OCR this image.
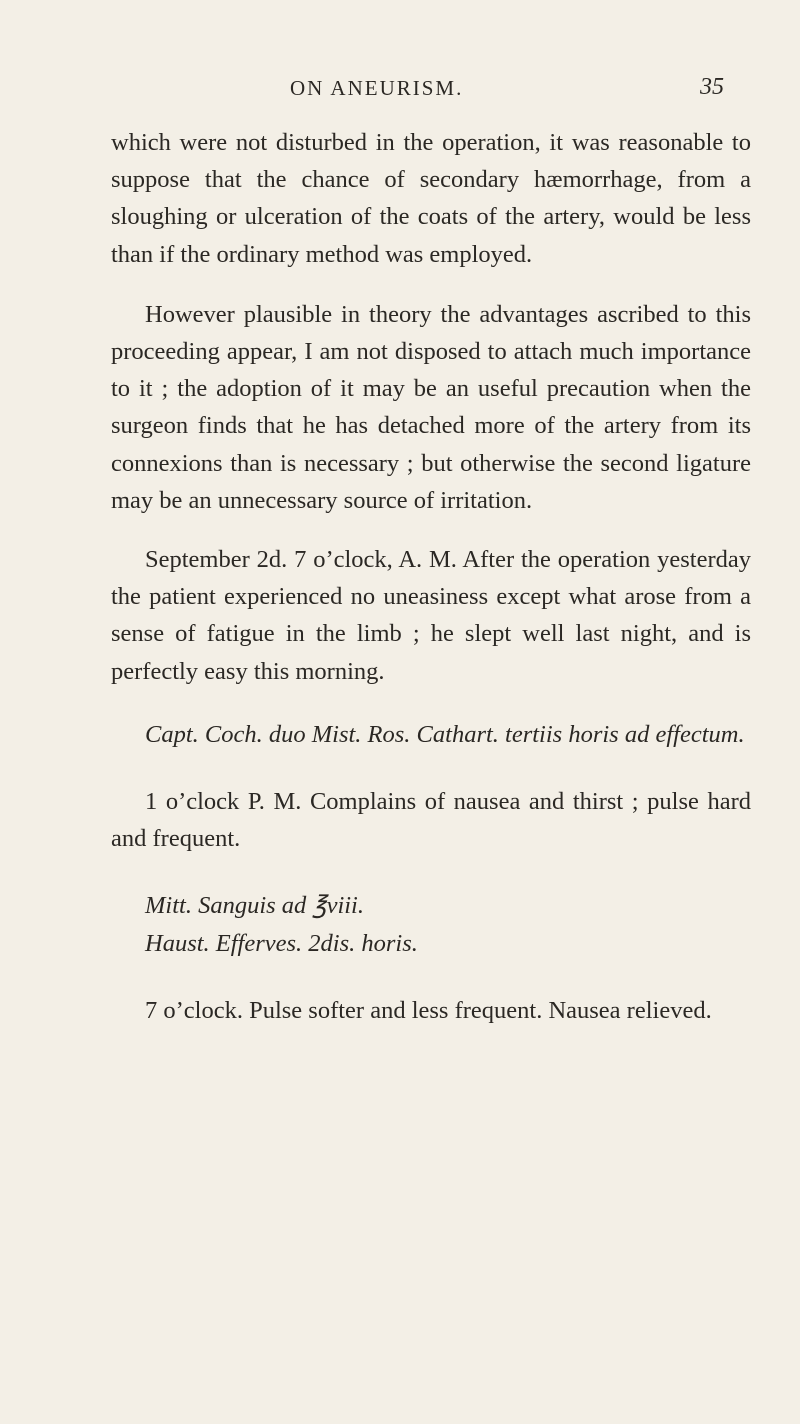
ON ANEURISM.	35

which were not disturbed in the operation, it was reasonable to suppose that the chance of secondary hæmorrhage, from a sloughing or ulceration of the coats of the artery, would be less than if the ordinary method was employed.

However plausible in theory the advantages ascribed to this proceeding appear, I am not disposed to attach much importance to it ; the adoption of it may be an useful precaution when the surgeon finds that he has detached more of the artery from its connexions than is necessary ; but otherwise the second ligature may be an unnecessary source of irritation.

September 2d. 7 o’clock, A. M. After the operation yesterday the patient experienced no uneasiness except what arose from a sense of fatigue in the limb ; he slept well last night, and is perfectly easy this morning.

Capt. Coch. duo Mist. Ros. Cathart. tertiis horis ad effectum.

1 o’clock P. M. Complains of nausea and thirst ; pulse hard and frequent.

Mitt. Sanguis ad ℥viii.
Haust. Efferves. 2dis. horis.

7 o’clock. Pulse softer and less frequent. Nausea relieved.
